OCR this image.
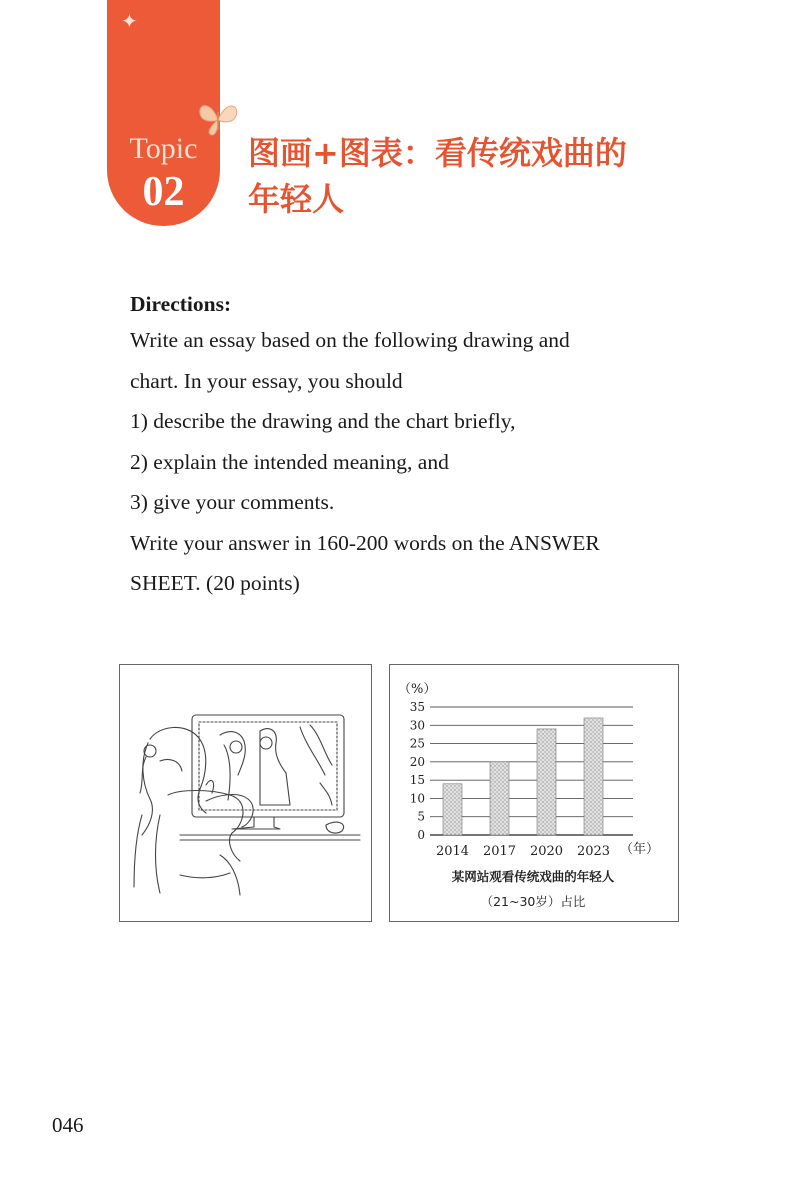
✦
Topic
02
图画+图表：看传统戏曲的
年轻人

Directions:

Write an essay based on the following drawing and

chart. In your essay, you should

1) describe the drawing and the chart briefly,

2) explain the intended meaning, and

3) give your comments.

Write your answer in 160-200 words on the ANSWER

SHEET. (20 points)

（%）
0
5
10
15
20
25
30
35
2014 2017 2020 2023 （年）
某网站观看传统戏曲的年轻人
（21~30岁）占比

046
